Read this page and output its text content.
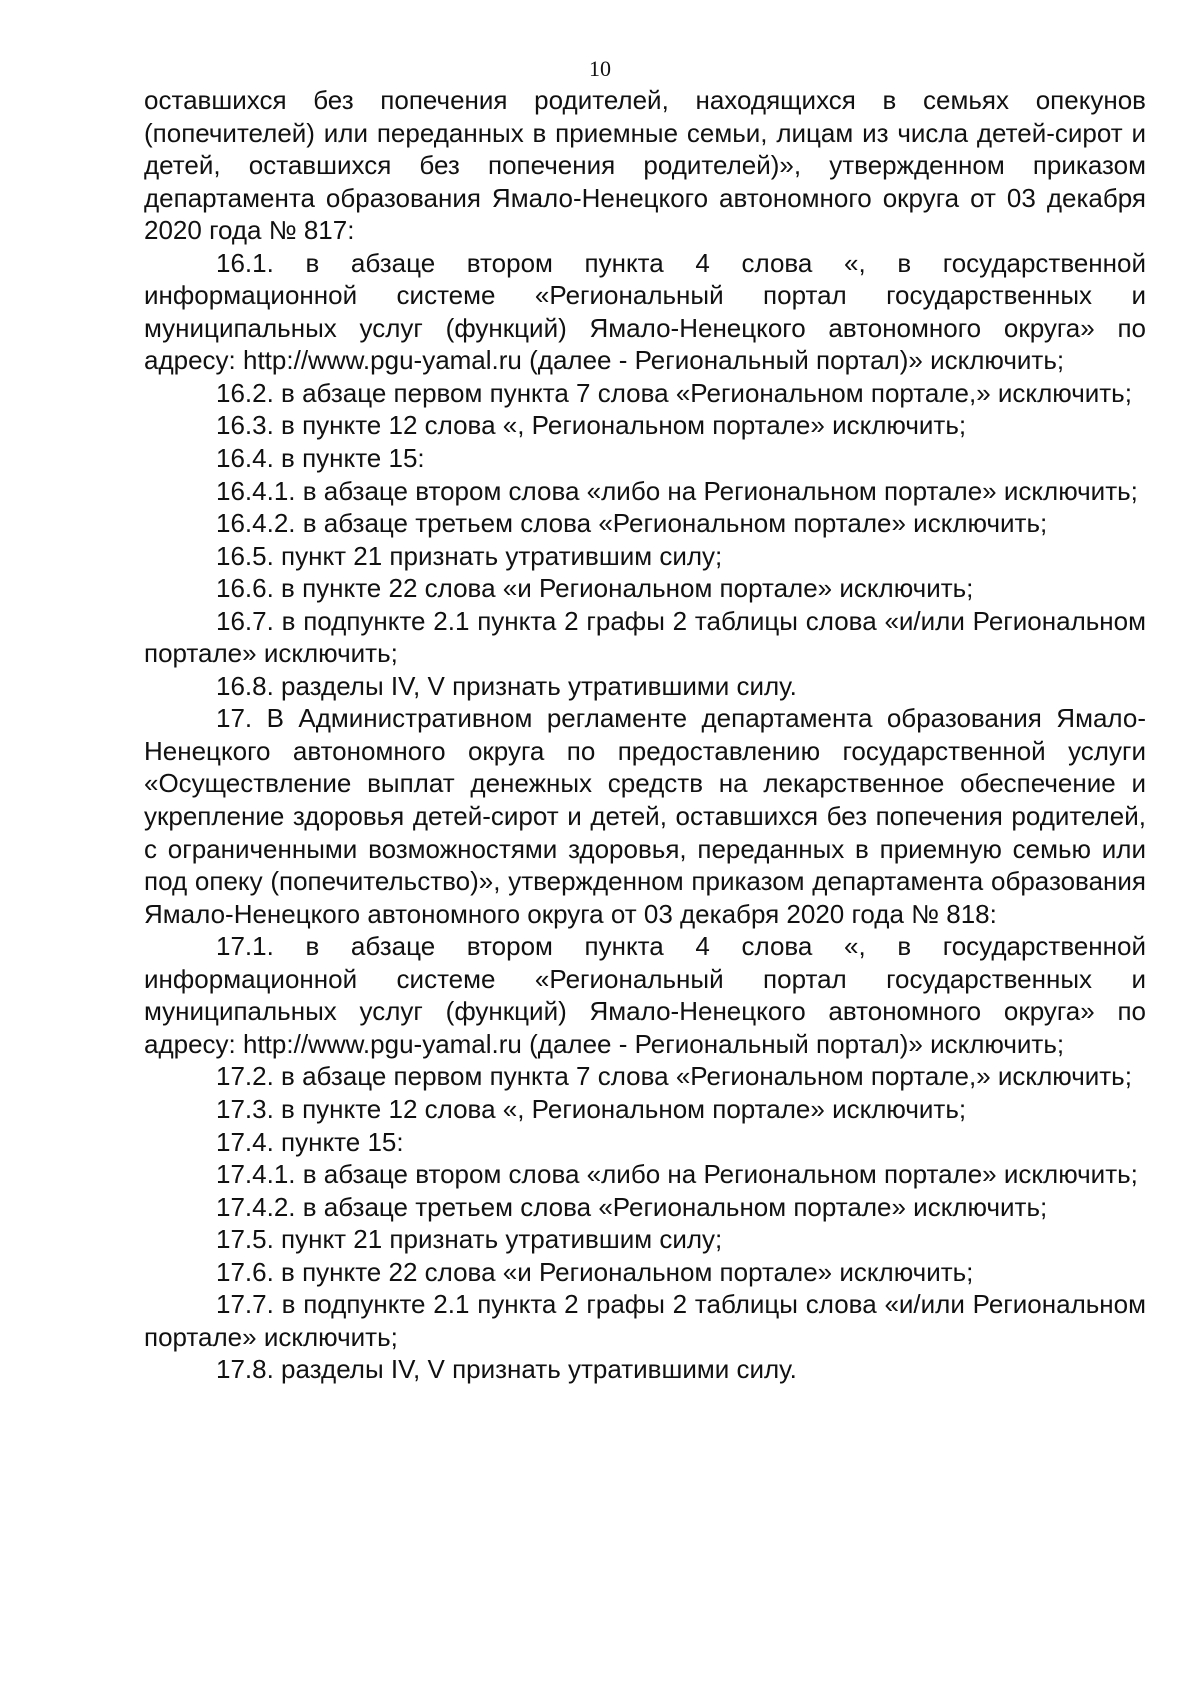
10

оставшихся без попечения родителей, находящихся в семьях опекунов (попечителей) или переданных в приемные семьи, лицам из числа детей-сирот и детей, оставшихся без попечения родителей)», утвержденном приказом департамента образования Ямало-Ненецкого автономного округа от 03 декабря 2020 года № 817:

16.1. в абзаце втором пункта 4 слова «, в государственной информационной системе «Региональный портал государственных и муниципальных услуг (функций) Ямало-Ненецкого автономного округа» по адресу: http://www.pgu-yamal.ru (далее - Региональный портал)» исключить;

16.2. в абзаце первом пункта 7 слова «Региональном портале,» исключить;

16.3. в пункте 12 слова «, Региональном портале» исключить;

16.4. в пункте 15:

16.4.1. в абзаце втором слова «либо на Региональном портале» исключить;

16.4.2. в абзаце третьем слова «Региональном портале» исключить;

16.5. пункт 21 признать утратившим силу;

16.6. в пункте 22 слова «и Региональном портале» исключить;

16.7. в подпункте 2.1 пункта 2 графы 2 таблицы слова «и/или Региональном портале» исключить;

16.8. разделы IV, V признать утратившими силу.

17. В Административном регламенте департамента образования Ямало-Ненецкого автономного округа по предоставлению государственной услуги «Осуществление выплат денежных средств на лекарственное обеспечение и укрепление здоровья детей-сирот и детей, оставшихся без попечения родителей, с ограниченными возможностями здоровья, переданных в приемную семью или под опеку (попечительство)», утвержденном приказом департамента образования Ямало-Ненецкого автономного округа от 03 декабря 2020 года № 818:

17.1. в абзаце втором пункта 4 слова «, в государственной информационной системе «Региональный портал государственных и муниципальных услуг (функций) Ямало-Ненецкого автономного округа» по адресу: http://www.pgu-yamal.ru (далее - Региональный портал)» исключить;

17.2. в абзаце первом пункта 7 слова «Региональном портале,» исключить;

17.3. в пункте 12 слова «, Региональном портале» исключить;

17.4. пункте 15:

17.4.1. в абзаце втором слова «либо на Региональном портале» исключить;

17.4.2. в абзаце третьем слова «Региональном портале» исключить;

17.5. пункт 21 признать утратившим силу;

17.6. в пункте 22 слова «и Региональном портале» исключить;

17.7. в подпункте 2.1 пункта 2 графы 2 таблицы слова «и/или Региональном портале» исключить;

17.8. разделы IV, V признать утратившими силу.
